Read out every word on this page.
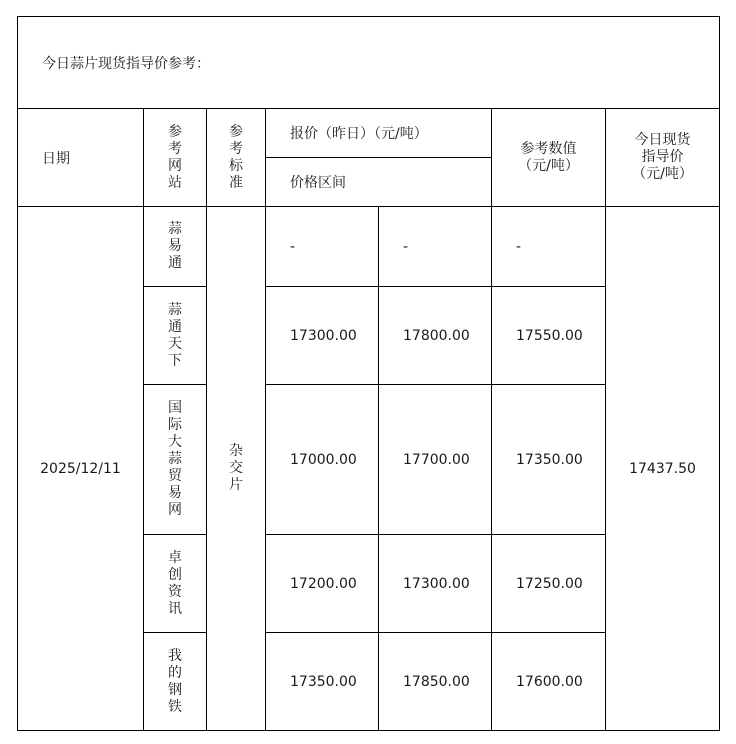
今日蒜片现货指导价参考：						
日期	参考网站	参考标准	报价（昨日）（元/吨）		参考数值（元/吨）	今日现货指导价（元/吨）

			价格区间			
2025/12/11	蒜易通	杂交片	-	-	-	17437.50

	蒜通天下		17300.00	17800.00	17550.00	

	国际大蒜贸易网		17000.00	17700.00	17350.00	

	卓创资讯		17200.00	17300.00	17250.00	

	我的钢铁		17350.00	17850.00	17600.00	
